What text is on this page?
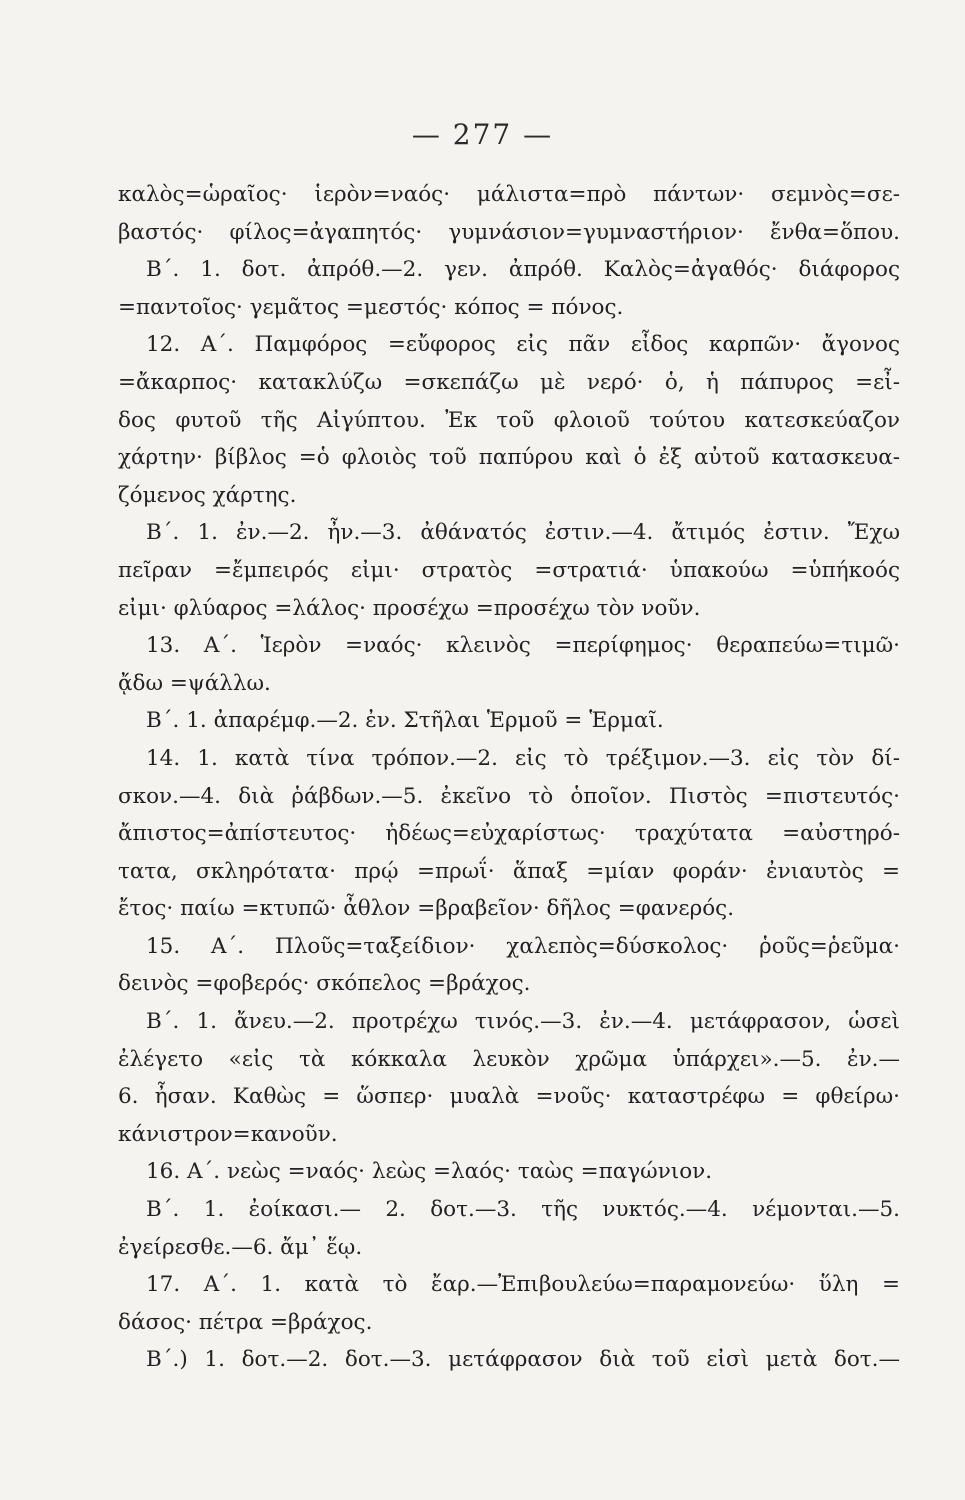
— 277 —
καλὸς=ὡραῖος· ἱερὸν=ναός· μάλιστα=πρὸ πάντων· σεμνὸς=σε-
βαστός· φίλος=ἀγαπητός· γυμνάσιον=γυμναστήριον· ἔνθα=ὅπου.
Β΄. 1. δοτ. ἀπρόθ.—2. γεν. ἀπρόθ. Καλὸς=ἀγαθός· διάφορος
=παντοῖος· γεμᾶτος =μεστός· κόπος = πόνος.
12. Α΄. Παμφόρος =εὔφορος εἰς πᾶν εἶδος καρπῶν· ἄγονος
=ἄκαρπος· κατακλύζω =σκεπάζω μὲ νερό· ὁ, ἡ πάπυρος =εἶ-
δος φυτοῦ τῆς Αἰγύπτου. Ἐκ τοῦ φλοιοῦ τούτου κατεσκεύαζον
χάρτην· βίβλος =ὁ φλοιὸς τοῦ παπύρου καὶ ὁ ἐξ αὐτοῦ κατασκευα-
ζόμενος χάρτης.
Β΄. 1. ἐν.—2. ἦν.—3. ἀθάνατός ἐστιν.—4. ἄτιμός ἐστιν. Ἔχω
πεῖραν =ἔμπειρός εἰμι· στρατὸς =στρατιά· ὑπακούω =ὑπήκοός
εἰμι· φλύαρος =λάλος· προσέχω =προσέχω τὸν νοῦν.
13. Α΄. Ἱερὸν =ναός· κλεινὸς =περίφημος· θεραπεύω=τιμῶ·
ᾄδω =ψάλλω.
Β΄. 1. ἀπαρέμφ.—2. ἐν. Στῆλαι Ἑρμοῦ = Ἑρμαῖ.
14. 1. κατὰ τίνα τρόπον.—2. εἰς τὸ τρέξιμον.—3. εἰς τὸν δί-
σκον.—4. διὰ ῥάβδων.—5. ἐκεῖνο τὸ ὁποῖον. Πιστὸς =πιστευτός·
ἄπιστος=ἀπίστευτος· ἡδέως=εὐχαρίστως· τραχύτατα =αὐστηρό-
τατα, σκληρότατα· πρῴ =πρωΐ· ἅπαξ =μίαν φοράν· ἐνιαυτὸς =
ἔτος· παίω =κτυπῶ· ἆθλον =βραβεῖον· δῆλος =φανερός.
15. Α΄. Πλοῦς=ταξείδιον· χαλεπὸς=δύσκολος· ῥοῦς=ῥεῦμα·
δεινὸς =φοβερός· σκόπελος =βράχος.
Β΄. 1. ἄνευ.—2. προτρέχω τινός.—3. ἐν.—4. μετάφρασον, ὡσεὶ
ἐλέγετο «εἰς τὰ κόκκαλα λευκὸν χρῶμα ὑπάρχει».—5. ἐν.—
6. ἦσαν. Καθὼς = ὥσπερ· μυαλὰ =νοῦς· καταστρέφω = φθείρω·
κάνιστρον=κανοῦν.
16. Α΄. νεὼς =ναός· λεὼς =λαός· ταὼς =παγώνιον.
Β΄. 1. ἐοίκασι.— 2. δοτ.—3. τῆς νυκτός.—4. νέμονται.—5.
ἐγείρεσθε.—6. ἄμ᾽ ἕῳ.
17. Α΄. 1. κατὰ τὸ ἔαρ.—Ἐπιβουλεύω=παραμονεύω· ὕλη =
δάσος· πέτρα =βράχος.
Β΄.) 1. δοτ.—2. δοτ.—3. μετάφρασον διὰ τοῦ εἰσὶ μετὰ δοτ.—
